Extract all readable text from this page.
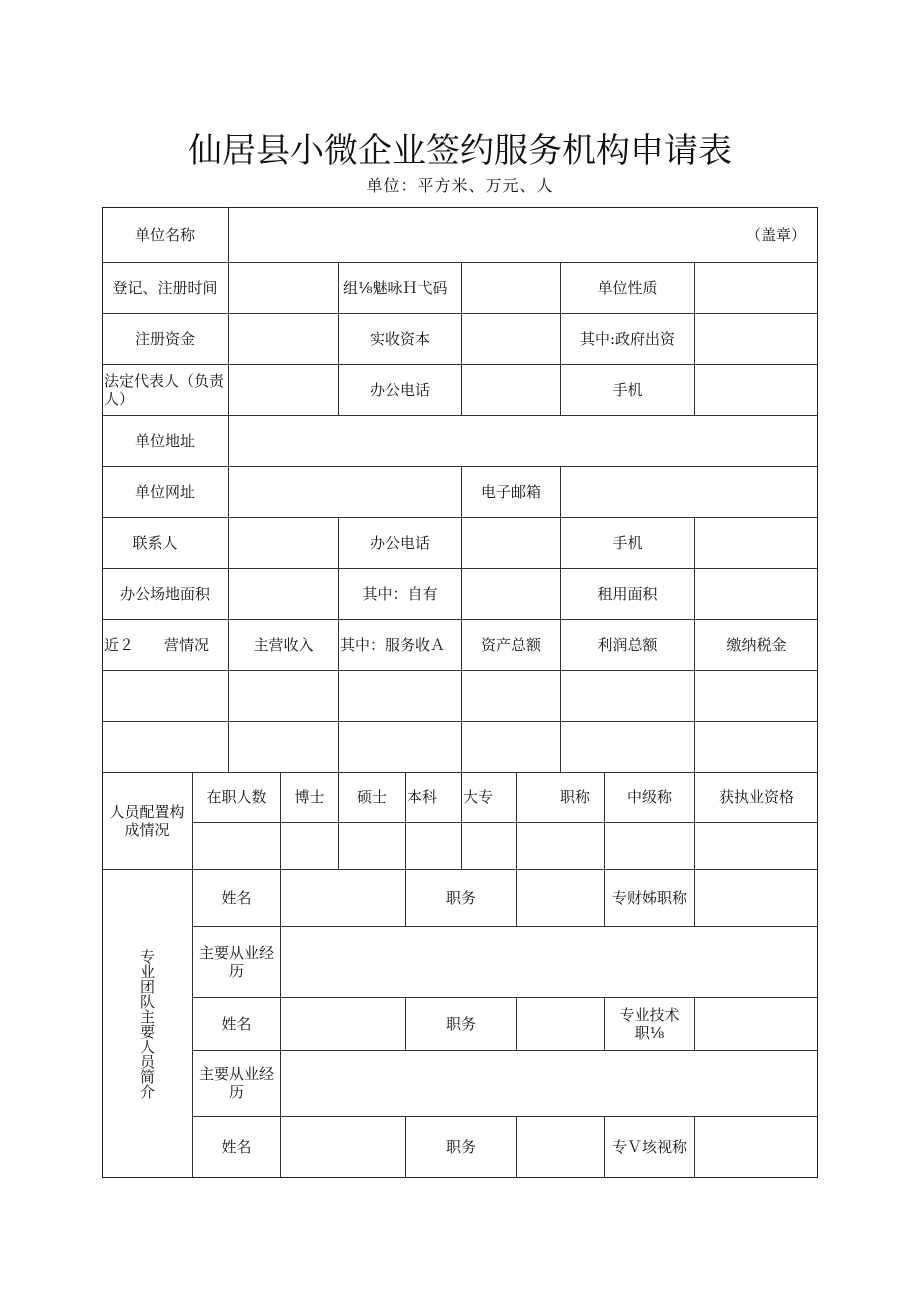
仙居县小微企业签约服务机构申请表
单位：平方米、万元、人
单位名称	（盖章）
登记、注册时间	组⅛魅咏Ｈ弋码	单位性质
注册资金	实收资本	其中:政府出资
法定代表人（负责人）	办公电话	手机
单位地址
单位网址	电子邮箱
联系人	办公电话	手机
办公场地面积	其中：自有	租用面积
近２　　营情况	主营收入	其中：服务收Ａ	资产总额	利润总额	缴纳税金
人员配置构成情况
在职人数	博士	硕士	本科	大专	职称	中级称	获执业资格
专业团队主要人员简介
姓名	职务	专财姊职称
主要从业经历
姓名	职务	专业技术职⅛
主要从业经历
姓名	职务	专Ｖ垓视称
